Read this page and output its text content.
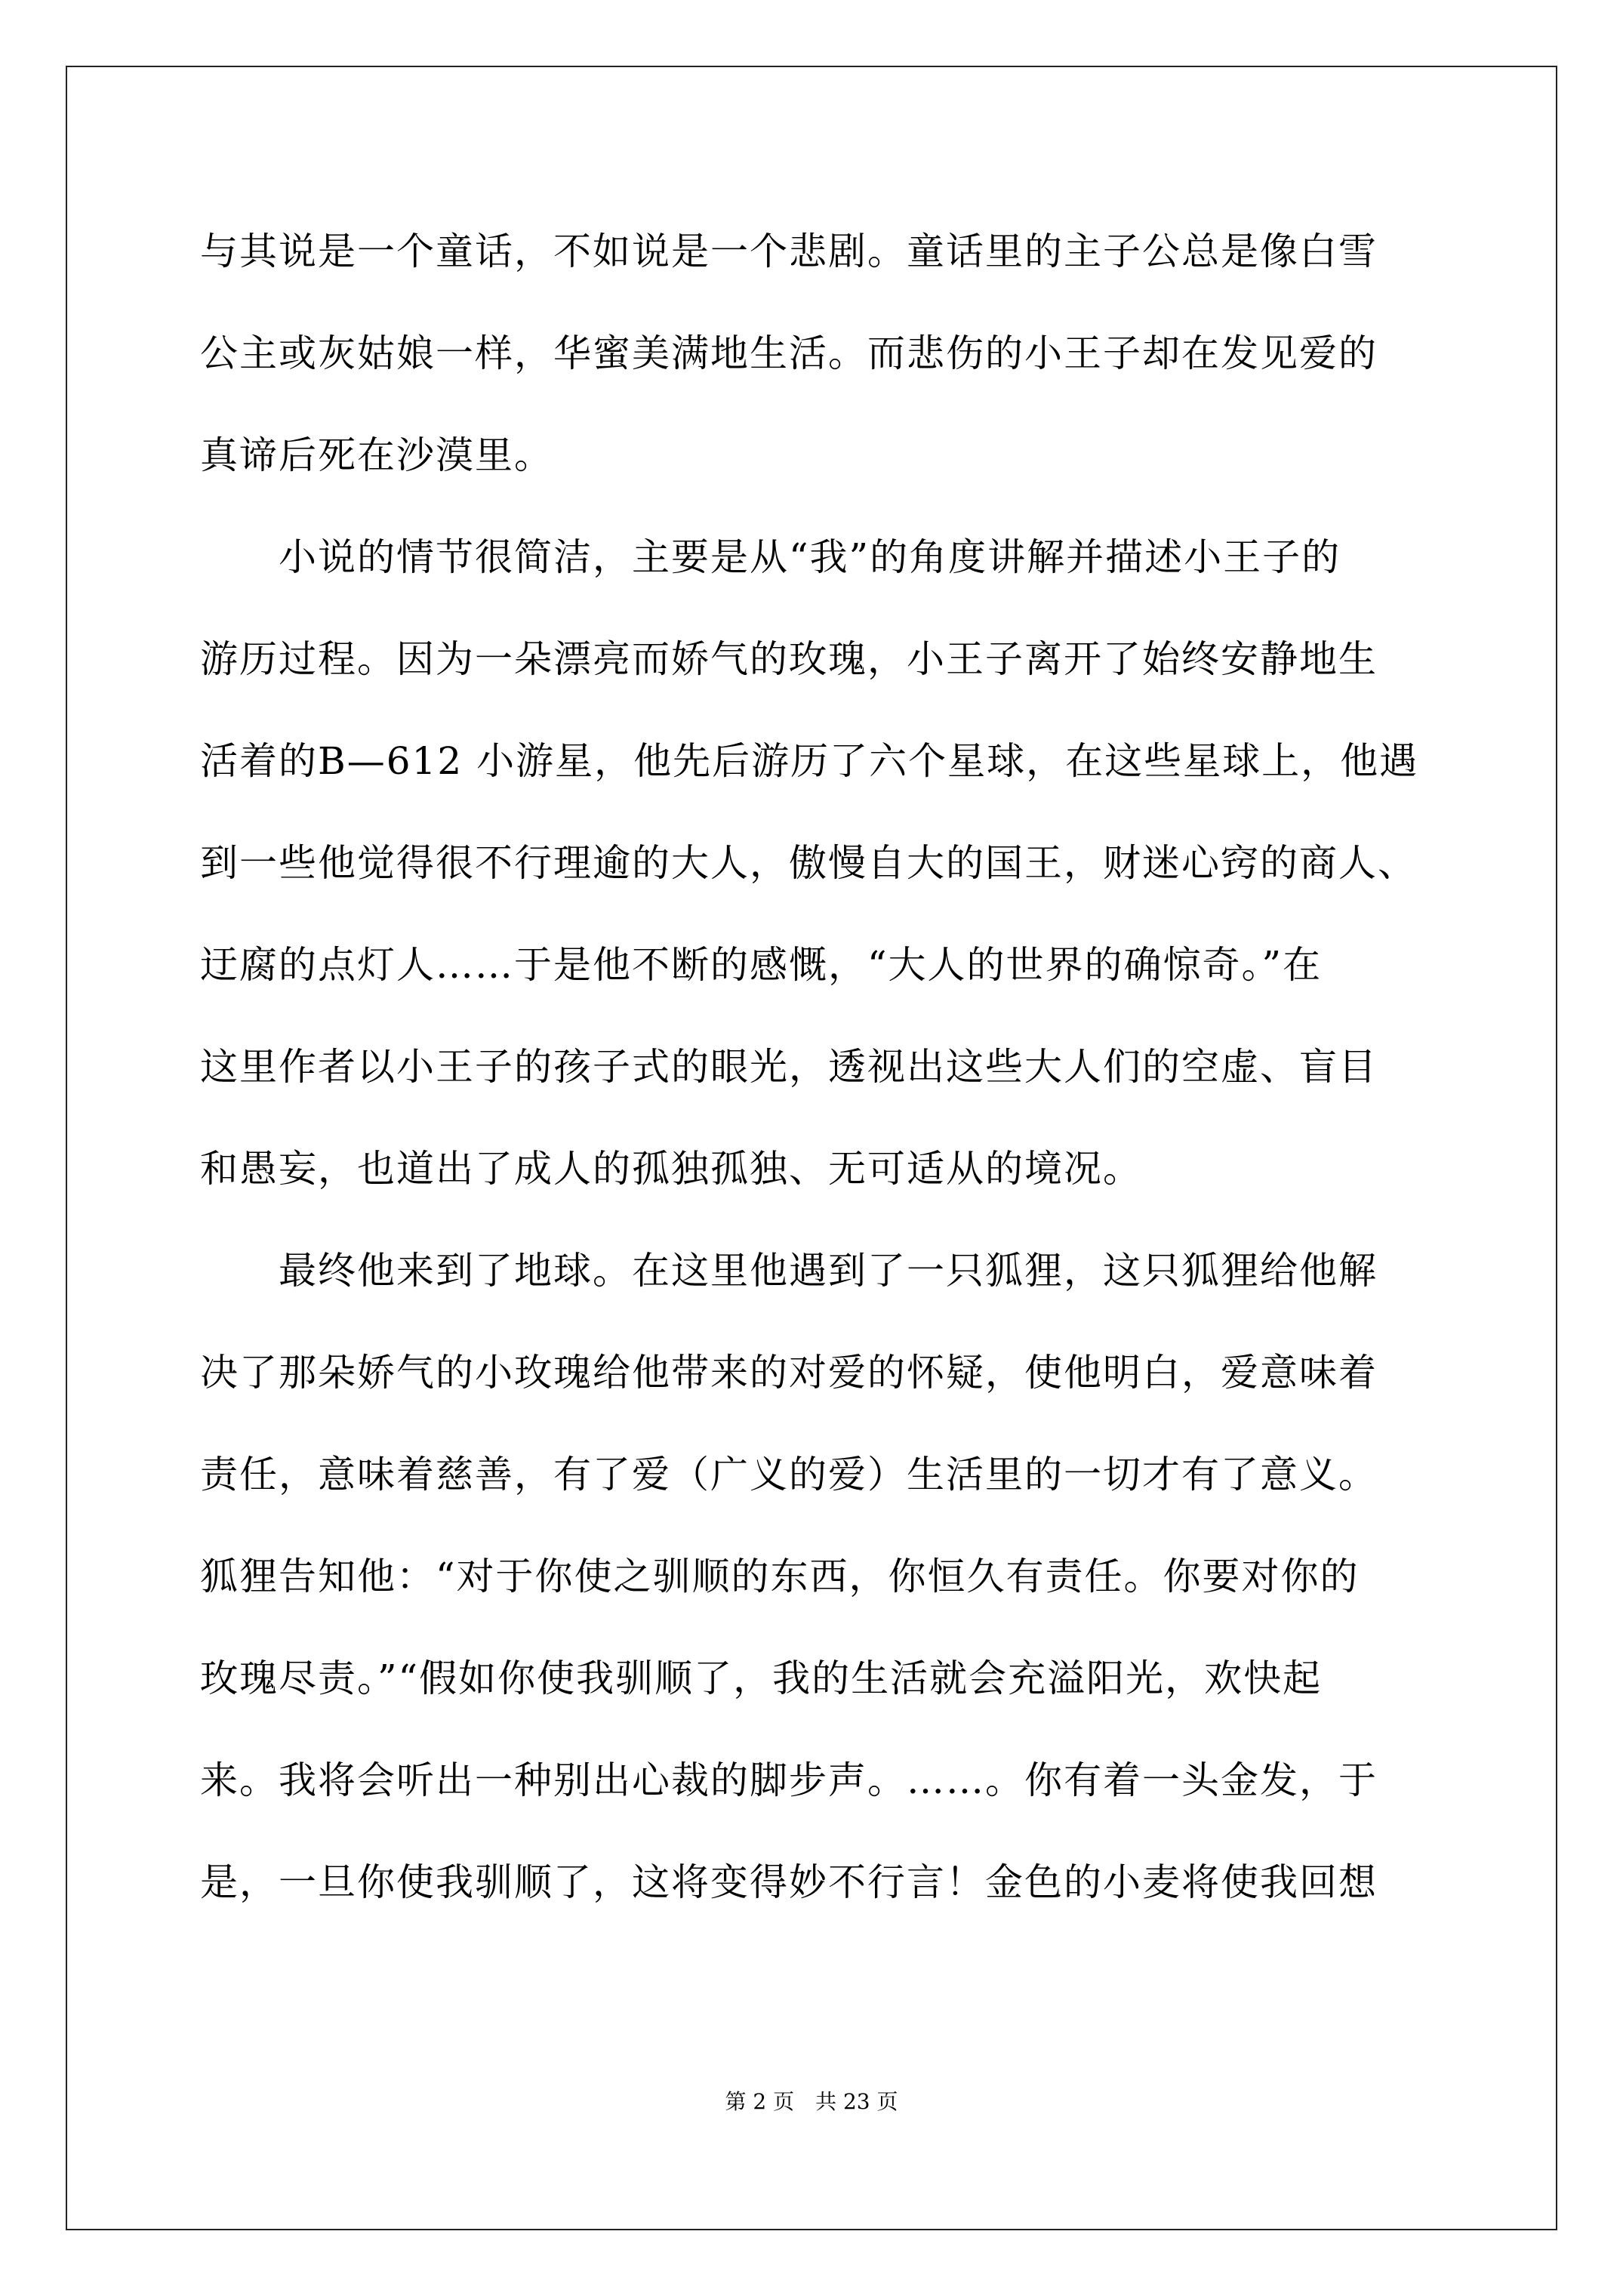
与其说是一个童话，不如说是一个悲剧。童话里的主子公总是像白雪
公主或灰姑娘一样，华蜜美满地生活。而悲伤的小王子却在发见爱的
真谛后死在沙漠里。
　　小说的情节很简洁，主要是从“我”的角度讲解并描述小王子的
游历过程。因为一朵漂亮而娇气的玫瑰，小王子离开了始终安静地生
活着的B—612 小游星，他先后游历了六个星球，在这些星球上，他遇
到一些他觉得很不行理逾的大人，傲慢自大的国王，财迷心窍的商人、
迂腐的点灯人……于是他不断的感慨，“大人的世界的确惊奇。”在
这里作者以小王子的孩子式的眼光，透视出这些大人们的空虚、盲目
和愚妄，也道出了成人的孤独孤独、无可适从的境况。
　　最终他来到了地球。在这里他遇到了一只狐狸，这只狐狸给他解
决了那朵娇气的小玫瑰给他带来的对爱的怀疑，使他明白，爱意味着
责任，意味着慈善，有了爱（广义的爱）生活里的一切才有了意义。
狐狸告知他：“对于你使之驯顺的东西，你恒久有责任。你要对你的
玫瑰尽责。”“假如你使我驯顺了，我的生活就会充溢阳光，欢快起
来。我将会听出一种别出心裁的脚步声。……。你有着一头金发，于
是，一旦你使我驯顺了，这将变得妙不行言！金色的小麦将使我回想
第 2 页　共 23 页
